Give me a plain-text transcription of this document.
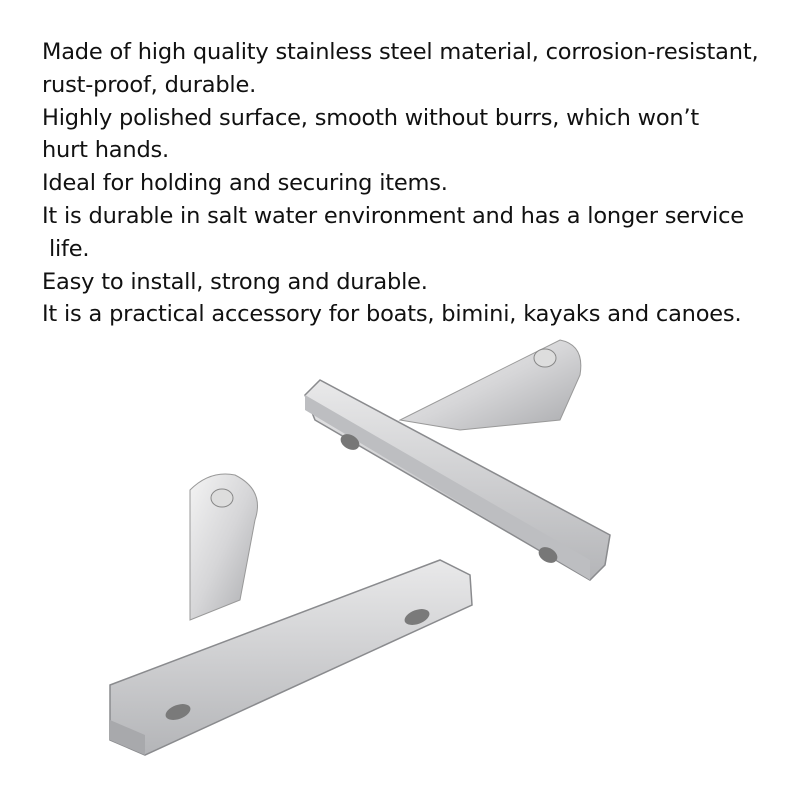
Made of high quality stainless steel material, corrosion-resistant,
rust-proof, durable.
Highly polished surface, smooth without burrs, which won’t
hurt hands.
Ideal for holding and securing items.
It is durable in salt water environment and has a longer service
life.
Easy to install, strong and durable.
It is a practical accessory for boats, bimini, kayaks and canoes.
